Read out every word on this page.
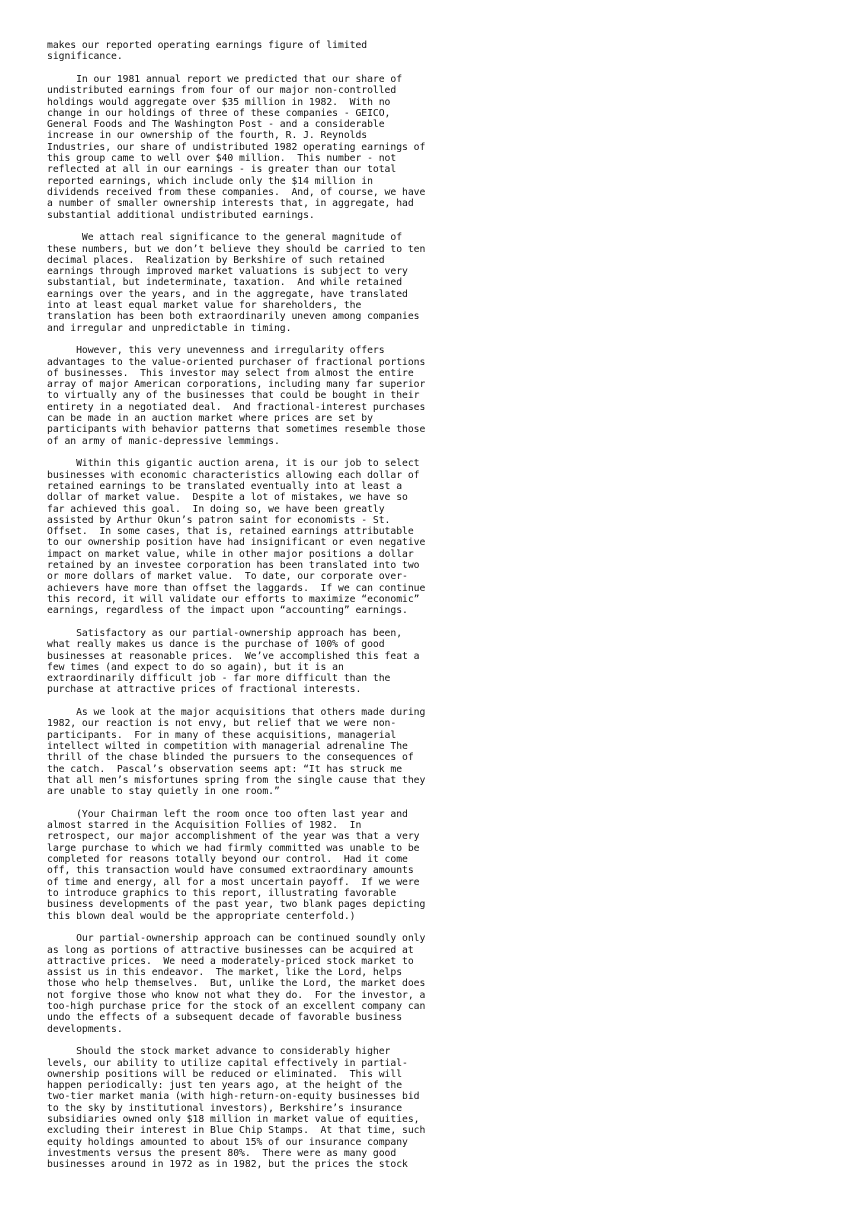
makes our reported operating earnings figure of limited
significance.
In our 1981 annual report we predicted that our share of
undistributed earnings from four of our major non-controlled
holdings would aggregate over $35 million in 1982.  With no
change in our holdings of three of these companies - GEICO,
General Foods and The Washington Post - and a considerable
increase in our ownership of the fourth, R. J. Reynolds
Industries, our share of undistributed 1982 operating earnings of
this group came to well over $40 million.  This number - not
reflected at all in our earnings - is greater than our total
reported earnings, which include only the $14 million in
dividends received from these companies.  And, of course, we have
a number of smaller ownership interests that, in aggregate, had
substantial additional undistributed earnings.
We attach real significance to the general magnitude of
these numbers, but we don’t believe they should be carried to ten
decimal places.  Realization by Berkshire of such retained
earnings through improved market valuations is subject to very
substantial, but indeterminate, taxation.  And while retained
earnings over the years, and in the aggregate, have translated
into at least equal market value for shareholders, the
translation has been both extraordinarily uneven among companies
and irregular and unpredictable in timing.
However, this very unevenness and irregularity offers
advantages to the value-oriented purchaser of fractional portions
of businesses.  This investor may select from almost the entire
array of major American corporations, including many far superior
to virtually any of the businesses that could be bought in their
entirety in a negotiated deal.  And fractional-interest purchases
can be made in an auction market where prices are set by
participants with behavior patterns that sometimes resemble those
of an army of manic-depressive lemmings.
Within this gigantic auction arena, it is our job to select
businesses with economic characteristics allowing each dollar of
retained earnings to be translated eventually into at least a
dollar of market value.  Despite a lot of mistakes, we have so
far achieved this goal.  In doing so, we have been greatly
assisted by Arthur Okun’s patron saint for economists - St.
Offset.  In some cases, that is, retained earnings attributable
to our ownership position have had insignificant or even negative
impact on market value, while in other major positions a dollar
retained by an investee corporation has been translated into two
or more dollars of market value.  To date, our corporate over-
achievers have more than offset the laggards.  If we can continue
this record, it will validate our efforts to maximize “economic”
earnings, regardless of the impact upon “accounting” earnings.
Satisfactory as our partial-ownership approach has been,
what really makes us dance is the purchase of 100% of good
businesses at reasonable prices.  We’ve accomplished this feat a
few times (and expect to do so again), but it is an
extraordinarily difficult job - far more difficult than the
purchase at attractive prices of fractional interests.
As we look at the major acquisitions that others made during
1982, our reaction is not envy, but relief that we were non-
participants.  For in many of these acquisitions, managerial
intellect wilted in competition with managerial adrenaline The
thrill of the chase blinded the pursuers to the consequences of
the catch.  Pascal’s observation seems apt: “It has struck me
that all men’s misfortunes spring from the single cause that they
are unable to stay quietly in one room.”
(Your Chairman left the room once too often last year and
almost starred in the Acquisition Follies of 1982.  In
retrospect, our major accomplishment of the year was that a very
large purchase to which we had firmly committed was unable to be
completed for reasons totally beyond our control.  Had it come
off, this transaction would have consumed extraordinary amounts
of time and energy, all for a most uncertain payoff.  If we were
to introduce graphics to this report, illustrating favorable
business developments of the past year, two blank pages depicting
this blown deal would be the appropriate centerfold.)
Our partial-ownership approach can be continued soundly only
as long as portions of attractive businesses can be acquired at
attractive prices.  We need a moderately-priced stock market to
assist us in this endeavor.  The market, like the Lord, helps
those who help themselves.  But, unlike the Lord, the market does
not forgive those who know not what they do.  For the investor, a
too-high purchase price for the stock of an excellent company can
undo the effects of a subsequent decade of favorable business
developments.
Should the stock market advance to considerably higher
levels, our ability to utilize capital effectively in partial-
ownership positions will be reduced or eliminated.  This will
happen periodically: just ten years ago, at the height of the
two-tier market mania (with high-return-on-equity businesses bid
to the sky by institutional investors), Berkshire’s insurance
subsidiaries owned only $18 million in market value of equities,
excluding their interest in Blue Chip Stamps.  At that time, such
equity holdings amounted to about 15% of our insurance company
investments versus the present 80%.  There were as many good
businesses around in 1972 as in 1982, but the prices the stock
